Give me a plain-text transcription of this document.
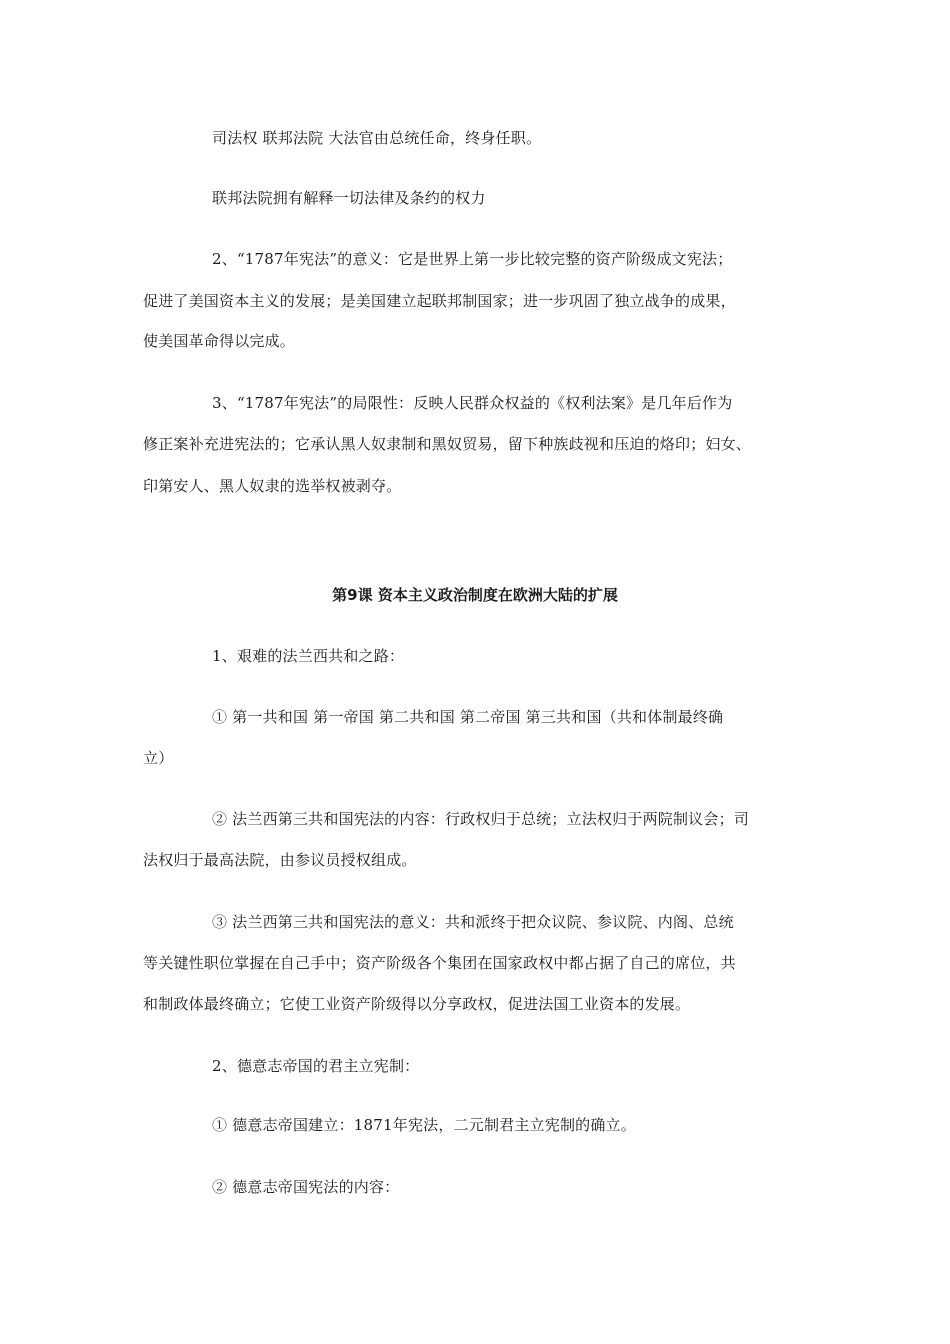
司法权 联邦法院 大法官由总统任命，终身任职。
联邦法院拥有解释一切法律及条约的权力
2、“1787年宪法”的意义：它是世界上第一步比较完整的资产阶级成文宪法；
促进了美国资本主义的发展；是美国建立起联邦制国家；进一步巩固了独立战争的成果，
使美国革命得以完成。
3、“1787年宪法”的局限性：反映人民群众权益的《权利法案》是几年后作为
修正案补充进宪法的；它承认黑人奴隶制和黑奴贸易，留下种族歧视和压迫的烙印；妇女、
印第安人、黑人奴隶的选举权被剥夺。
第9课 资本主义政治制度在欧洲大陆的扩展
1、艰难的法兰西共和之路：
① 第一共和国 第一帝国 第二共和国 第二帝国 第三共和国（共和体制最终确
立）
② 法兰西第三共和国宪法的内容：行政权归于总统；立法权归于两院制议会；司
法权归于最高法院，由参议员授权组成。
③ 法兰西第三共和国宪法的意义：共和派终于把众议院、参议院、内阁、总统
等关键性职位掌握在自己手中；资产阶级各个集团在国家政权中都占据了自己的席位，共
和制政体最终确立；它使工业资产阶级得以分享政权，促进法国工业资本的发展。
2、德意志帝国的君主立宪制：
① 德意志帝国建立：1871年宪法，二元制君主立宪制的确立。
② 德意志帝国宪法的内容：
